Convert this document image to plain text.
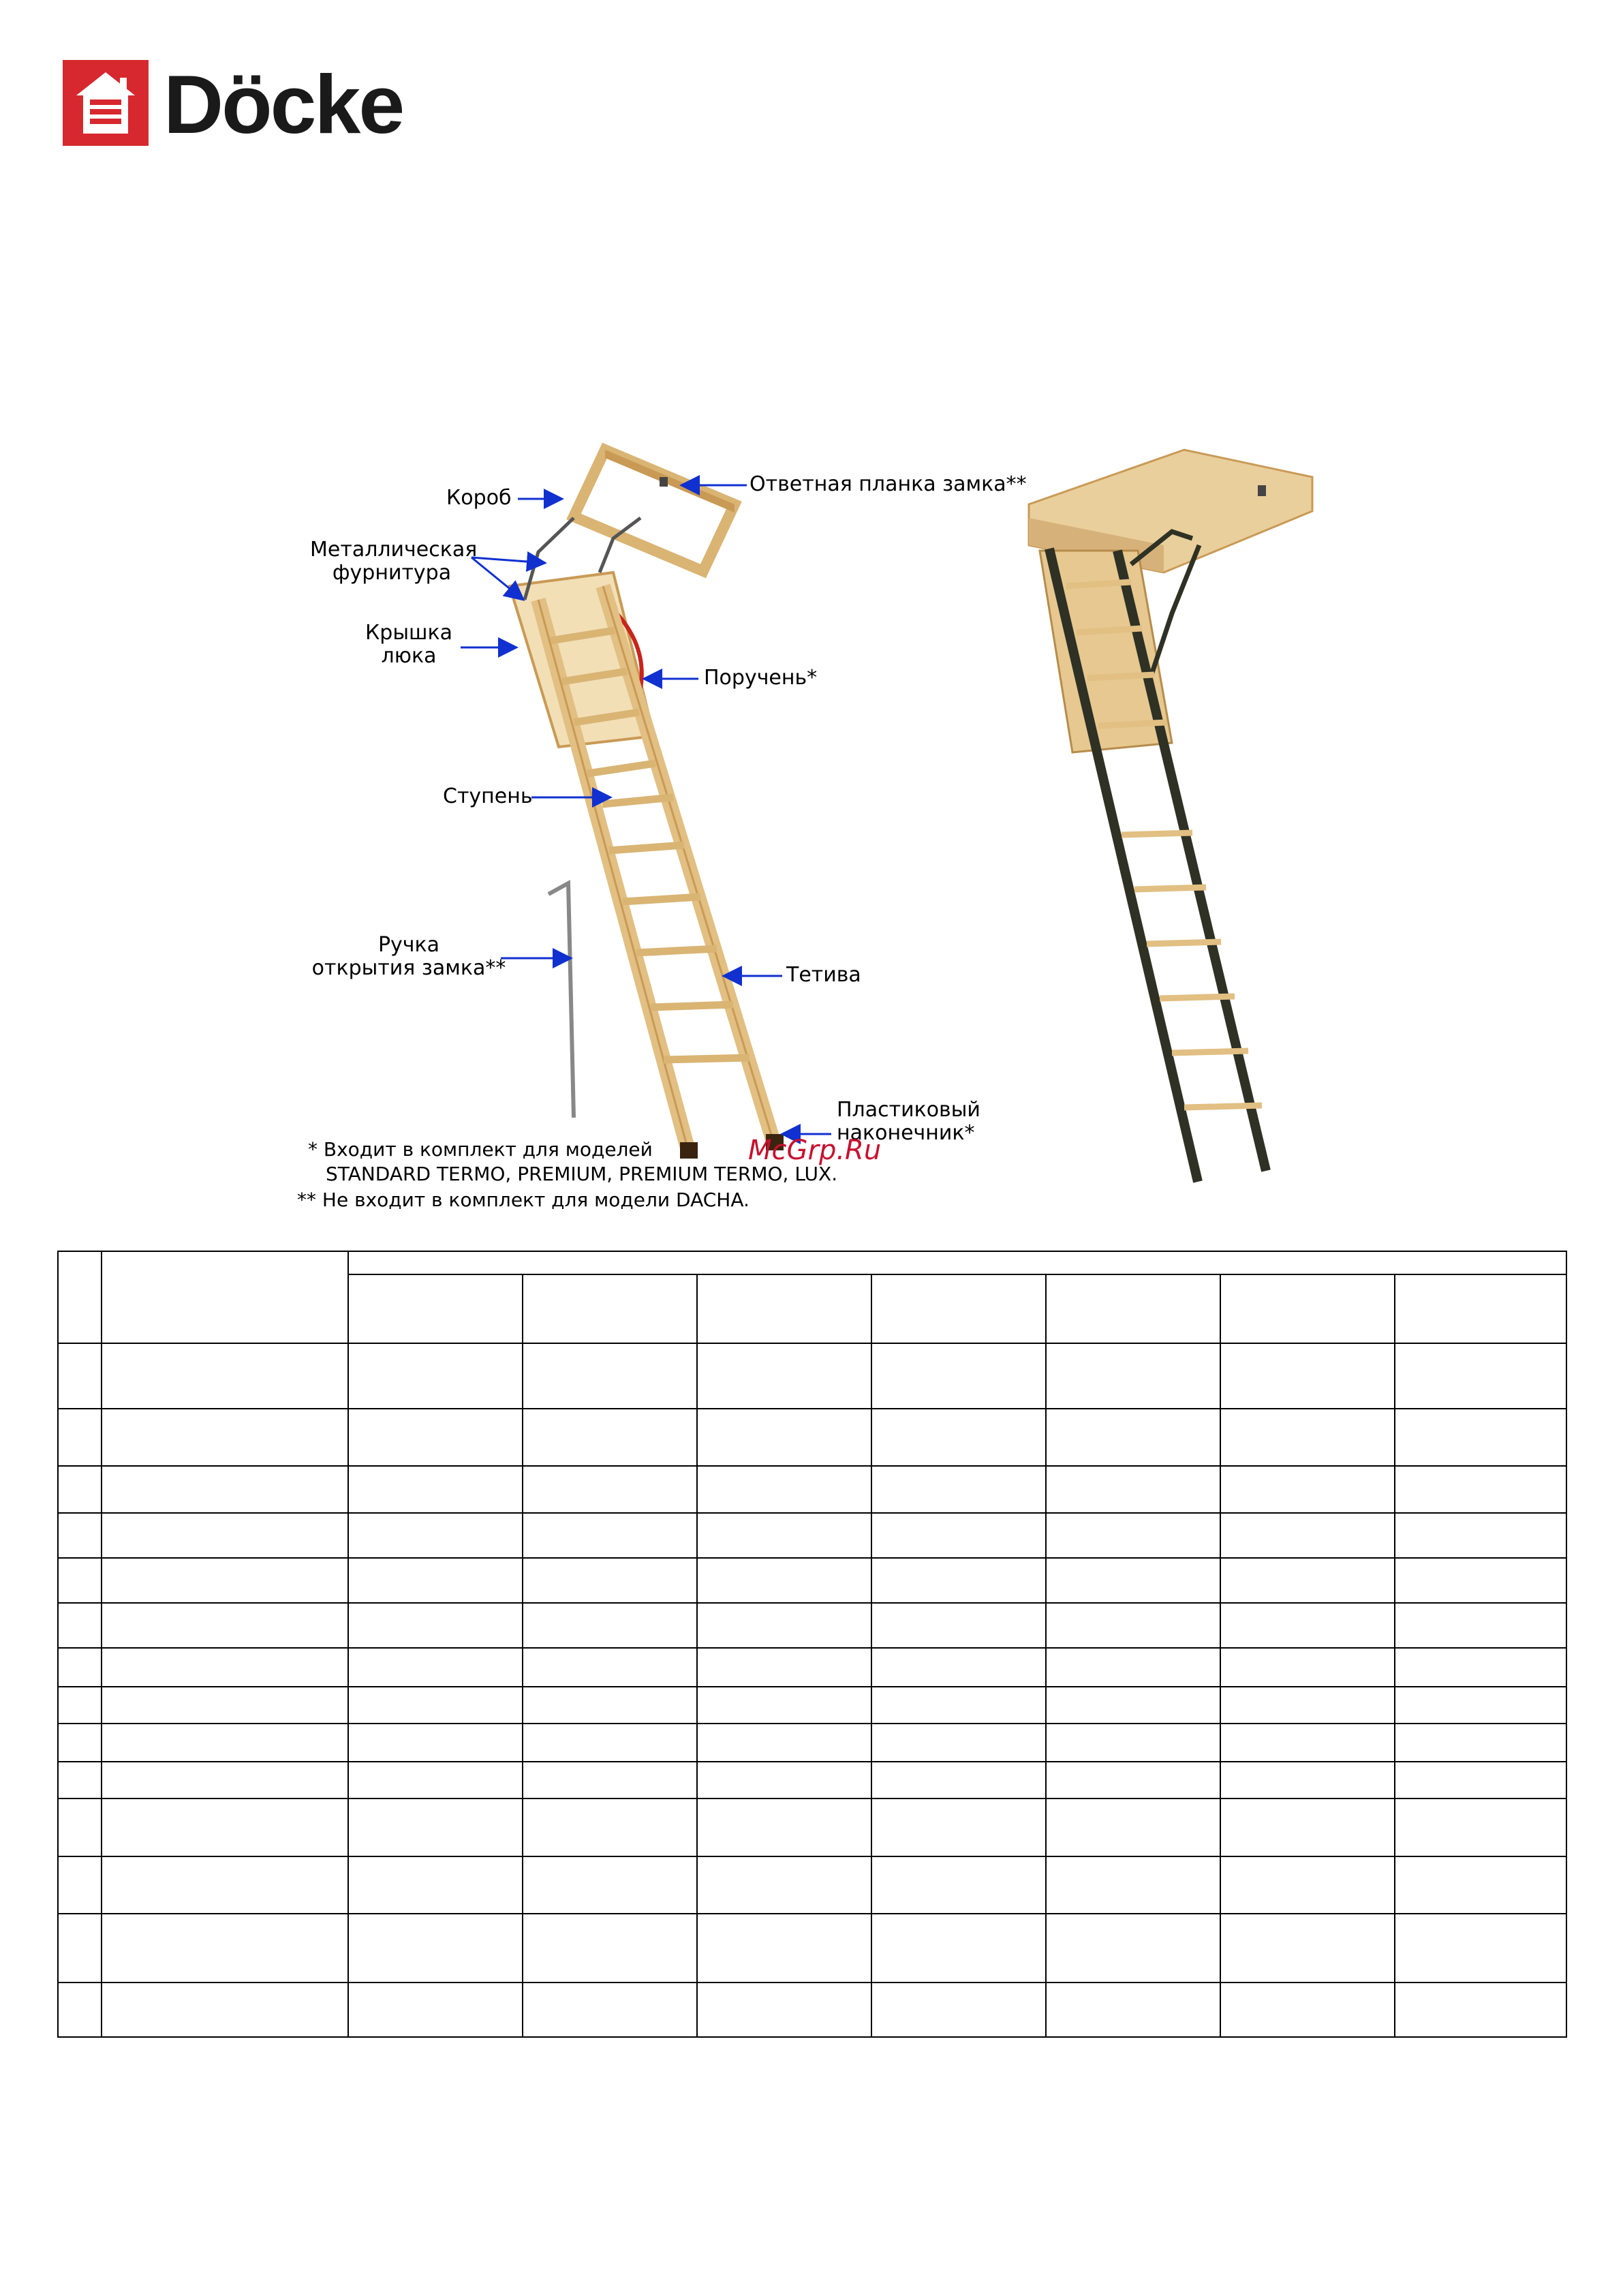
Döcke
Короб
Ответная планка замка**
Металлическая
фурнитура
Крышка
люка
Поручень*
Ступень
Ручка
открытия замка**	Тетива
Пластиковый
наконечник*
* Входит в комплект для моделей
STANDARD TERMO, PREMIUM, PREMIUM TERMO, LUX.
** Не входит в комплект для модели DACHA.
McGrp.Ru
